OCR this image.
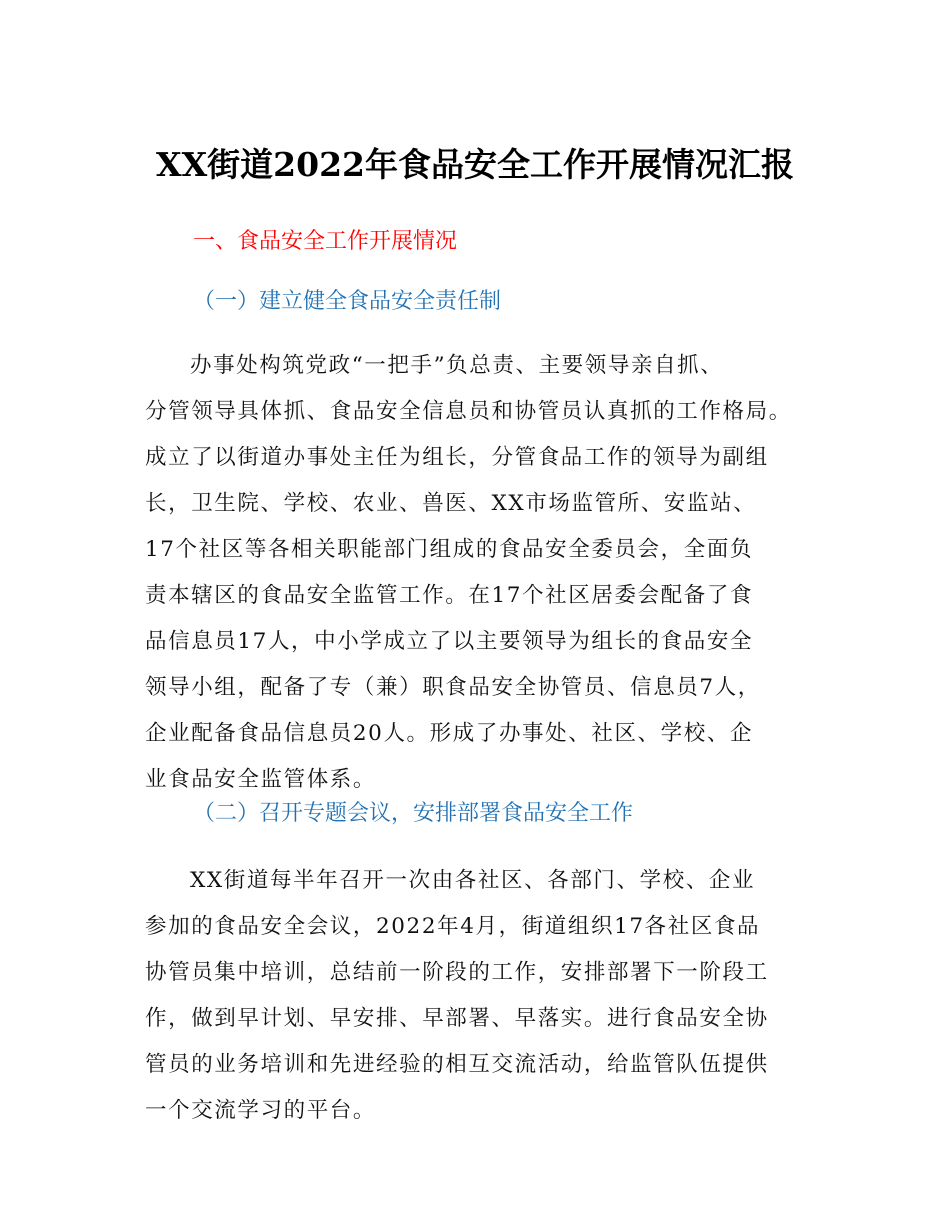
XX街道2022年食品安全工作开展情况汇报
一、食品安全工作开展情况
（一）建立健全食品安全责任制
办事处构筑党政“一把手”负总责、主要领导亲自抓、
分管领导具体抓、食品安全信息员和协管员认真抓的工作格局。
成立了以街道办事处主任为组长，分管食品工作的领导为副组
长，卫生院、学校、农业、兽医、XX市场监管所、安监站、
17个社区等各相关职能部门组成的食品安全委员会，全面负
责本辖区的食品安全监管工作。在17个社区居委会配备了食
品信息员17人，中小学成立了以主要领导为组长的食品安全
领导小组，配备了专（兼）职食品安全协管员、信息员7人，
企业配备食品信息员20人。形成了办事处、社区、学校、企
业食品安全监管体系。
（二）召开专题会议，安排部署食品安全工作
XX街道每半年召开一次由各社区、各部门、学校、企业
参加的食品安全会议，2022年4月，街道组织17各社区食品
协管员集中培训，总结前一阶段的工作，安排部署下一阶段工
作，做到早计划、早安排、早部署、早落实。进行食品安全协
管员的业务培训和先进经验的相互交流活动，给监管队伍提供
一个交流学习的平台。
